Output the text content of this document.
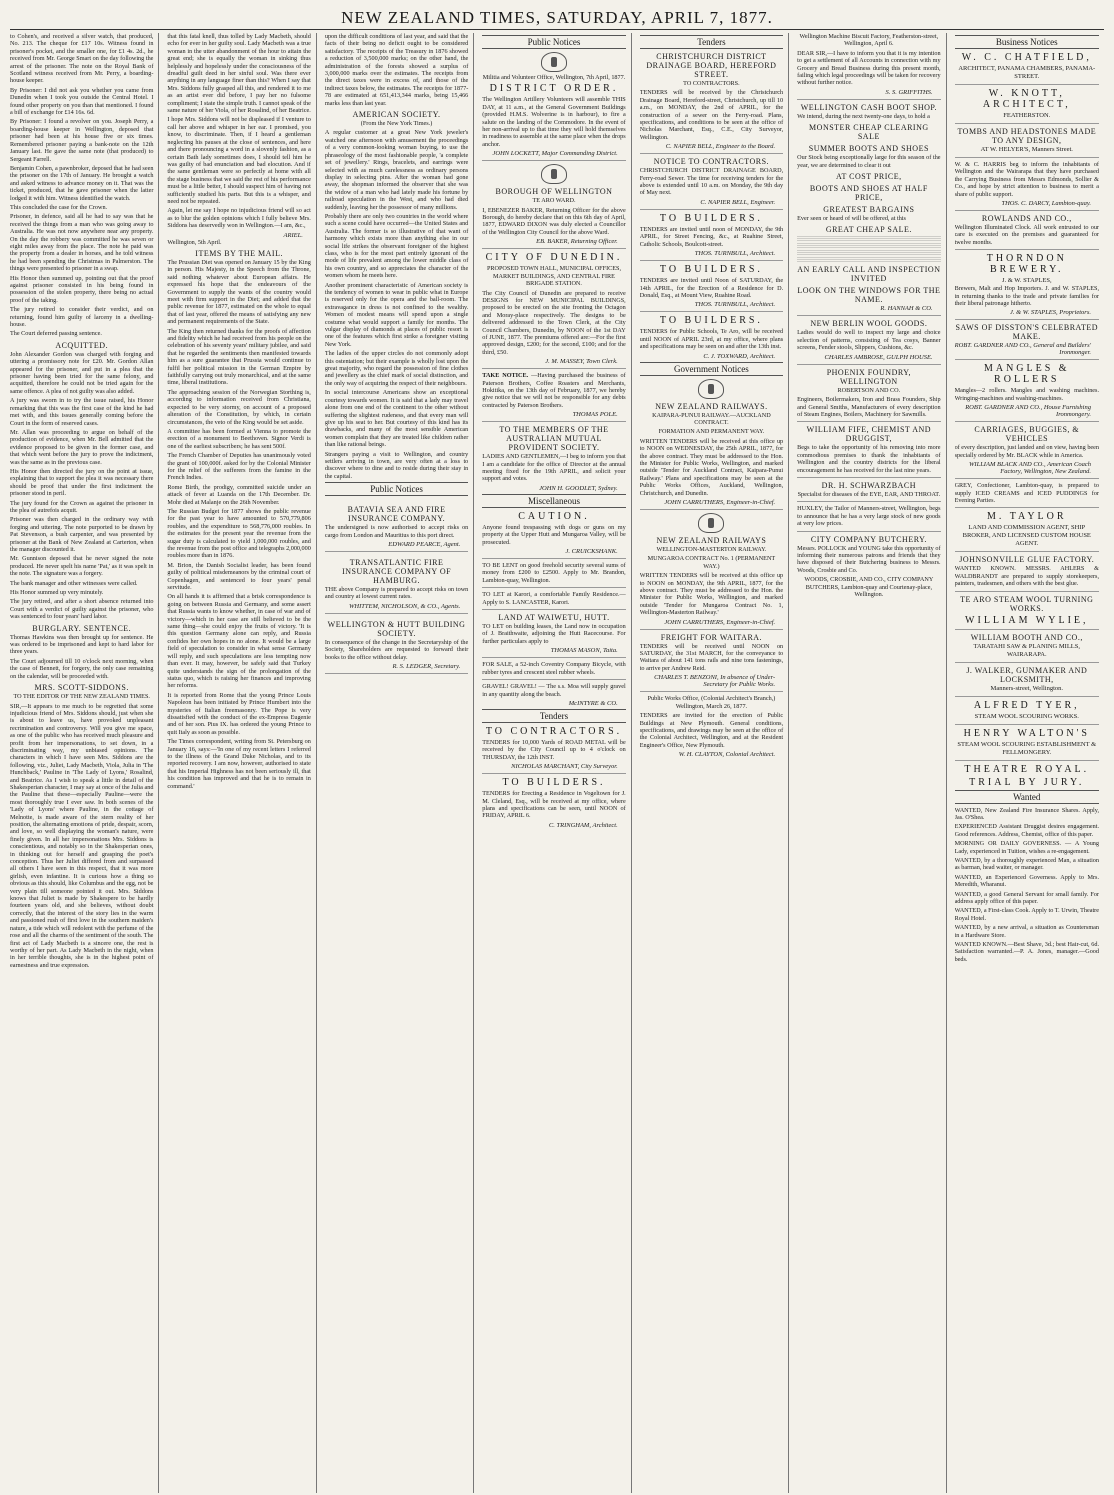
NEW ZEALAND TIMES, SATURDAY, APRIL 7, 1877.

to Cohen's, and received a silver watch, that produced, No. 213. The cheque for £17 10s. Witness found in prisoner's pocket, and the smaller one, for £1 4s. 2d., he received from Mr. George Smart on the day following the arrest of the prisoner. The note on the Royal Bank of Scotland witness received from Mr. Perry, a boarding-house keeper.

By Prisoner: I did not ask you whether you came from Dunedin when I took you outside the Central Hotel. I found other property on you than that mentioned. I found a bill of exchange for £14 16s. 6d.

By Prisoner: I found a revolver on you. Joseph Perry, a boarding-house keeper in Wellington, deposed that prisoner had been at his house five or six times. Remembered prisoner paying a bank-note on the 12th January last. He gave the same note (that produced) to Sergeant Farrell.

Benjamin Cohen, a pawnbroker, deposed that he had seen the prisoner on the 17th of January. He brought a watch and asked witness to advance money on it. That was the ticket, produced, that he gave prisoner when the latter lodged it with him. Witness identified the watch.

This concluded the case for the Crown.

Prisoner, in defence, said all he had to say was that he received the things from a man who was going away to Australia. He was not now anywhere near any property. On the day the robbery was committed he was seven or eight miles away from the place. The note he paid was the property from a dealer in horses, and he told witness he had been spending the Christmas in Palmerston. The things were presented to prisoner in a swap.

His Honor then summed up, pointing out that the proof against prisoner consisted in his being found in possession of the stolen property, there being no actual proof of the taking.

The jury retired to consider their verdict, and on returning, found him guilty of larceny in a dwelling-house.

The Court deferred passing sentence.

ACQUITTED.

John Alexander Gordon was charged with forging and uttering a promissory note for £20. Mr. Gordon Allan appeared for the prisoner, and put in a plea that the prisoner having been tried for the same felony, and acquitted, therefore he could not be tried again for the same offence. A plea of not guilty was also added.

A jury was sworn in to try the issue raised, his Honor remarking that this was the first case of the kind he had met with, and this issues generally coming before the Court in the form of reserved cases.

Mr. Allan was proceeding to argue on behalf of the production of evidence, when Mr. Bell admitted that the evidence proposed to be given in the former case, and that which went before the jury to prove the indictment, was the same as in the previous case.

His Honor then directed the jury on the point at issue, explaining that to support the plea it was necessary there should be proof that under the first indictment the prisoner stood in peril.

The jury found for the Crown as against the prisoner in the plea of autrefois acquit.

Prisoner was then charged in the ordinary way with forging and uttering. The note purported to be drawn by Pat Stevenson, a bush carpenter, and was presented by prisoner at the Bank of New Zealand at Carterton, when the manager discounted it.

Mr. Gunnison deposed that he never signed the note produced. He never spelt his name 'Pat,' as it was spelt in the note. The signature was a forgery.

The bank manager and other witnesses were called.

His Honor summed up very minutely.

The jury retired, and after a short absence returned into Court with a verdict of guilty against the prisoner, who was sentenced to four years' hard labor.

BURGLARY. SENTENCE.

Thomas Hawkins was then brought up for sentence. He was ordered to be imprisoned and kept to hard labor for three years.

The Court adjourned till 10 o'clock next morning, when the case of Bennett, for forgery, the only case remaining on the calendar, will be proceeded with.

MRS. SCOTT-SIDDONS.

TO THE EDITOR OF THE NEW ZEALAND TIMES.

SIR,—It appears to me much to be regretted that some injudicious friend of Mrs. Siddons should, just when she is about to leave us, have provoked unpleasant recrimination and controversy. Will you give me space, as one of the public who has received much pleasure and profit from her impersonations, to set down, in a discriminating way, my unbiased opinions. The characters in which I have seen Mrs. Siddons are the following, viz., Juliet, Lady Macbeth, Viola, Julia in 'The Hunchback,' Pauline in 'The Lady of Lyons,' Rosalind, and Beatrice. As I wish to speak a little in detail of the Shakesperian character, I may say at once of the Julia and the Pauline that these—especially Pauline—were the most thoroughly true I ever saw. In both scenes of the 'Lady of Lyons' where Pauline, in the cottage of Melnotte, is made aware of the stern reality of her position, the alternating emotions of pride, despair, scorn, and love, so well displaying the woman's nature, were finely given. In all her impersonations Mrs. Siddons is conscientious, and notably so in the Shakesperian ones, in thinking out for herself and grasping the poet's conception. Thus her Juliet differed from and surpassed all others I have seen in this respect, that it was more girlish, even infantine. It is curious how a thing so obvious as this should, like Columbus and the egg, not be very plain till someone pointed it out. Mrs. Siddons knows that Juliet is made by Shakespere to be hardly fourteen years old, and she believes, without doubt correctly, that the interest of the story lies in the warm and passioned rush of first love in the southern maiden's nature, a tide which will redolent with the perfume of the rose and all the charms of the sentiment of the south. The first act of Lady Macbeth is a sincere one, the rest is worthy of her part. As Lady Macbeth in the night, when in her terrible thoughts, she is in the highest point of earnestness and true expression.

that this fatal knell, thus tolled by Lady Macbeth, should echo for ever in her guilty soul. Lady Macbeth was a true woman in the utter abandonment of the hour to attain the great end; she is equally the woman in sinking thus helplessly and hopelessly under the consciousness of the dreadful guilt deed in her sinful soul. Was there ever anything in any language finer than this? When I say that Mrs. Siddons fully grasped all this, and rendered it to me as an artist ever did before, I pay her no fulsome compliment; I state the simple truth. I cannot speak of the same nature of her Viola, of her Rosalind, of her Beatrice.

I hope Mrs. Siddons will not be displeased if I venture to call her above and whisper in her ear. I promised, you know, to discriminate. Then, if I heard a gentleman neglecting his pauses at the close of sentences, and here and there pronouncing a word in a slovenly fashion, as a certain Bath lady sometimes does, I should tell him he was guilty of bad enunciation and bad elocution. And if the same gentleman were so perfectly at home with all the stage business that we said the rest of his performance must be a little better, I should suspect him of having not sufficiently studied his parts. But this is a whisper, and need not be repeated.

Again, let me say I hope no injudicious friend will so act as to blur the golden opinions which I fully believe Mrs. Siddons has deservedly won in Wellington.—I am, &c.,

ARIEL.

Wellington, 5th April.

ITEMS BY THE MAIL.

The Prussian Diet was opened on January 15 by the King in person. His Majesty, in the Speech from the Throne, said nothing whatever about European affairs. He expressed his hope that the endeavours of the Government to supply the wants of the country would meet with firm support in the Diet; and added that the public revenue for 1877, estimated on the whole to equal that of last year, offered the means of satisfying any new and permanent requirements of the State.

The King then returned thanks for the proofs of affection and fidelity which he had received from his people on the celebration of his seventy years' military jubilee, and said that he regarded the sentiments then manifested towards him as a sure guarantee that Prussia would continue to fulfil her political mission in the German Empire by faithfully carrying out truly monarchical, and at the same time, liberal institutions.

The approaching session of the Norwegian Storthing is, according to information received from Christiana, expected to be very stormy, on account of a proposed alteration of the Constitution, by which, in certain circumstances, the veto of the King would be set aside.

A committee has been formed at Vienna to promote the erection of a monument to Beethoven. Signor Verdi is one of the earliest subscribers; he has sent 500f.

The French Chamber of Deputies has unanimously voted the grant of 100,000f. asked for by the Colonial Minister for the relief of the sufferers from the famine in the French Indies.

Rome Birth, the prodigy, committed suicide under an attack of fever at Luanda on the 17th December. Dr. Mohr died at Malanje on the 26th November.

The Russian Budget for 1877 shows the public revenue for the past year to have amounted to 570,779,806 roubles, and the expenditure to 568,776,000 roubles. In the estimates for the present year the revenue from the sugar duty is calculated to yield 1,000,000 roubles, and the revenue from the post office and telegraphs 2,000,000 roubles more than in 1876.

M. Brion, the Danish Socialist leader, has been found guilty of political misdemeanors by the criminal court of Copenhagen, and sentenced to four years' penal servitude.

On all hands it is affirmed that a brisk correspondence is going on between Russia and Germany, and some assert that Russia wants to know whether, in case of war and of victory—which in her case are still believed to be the same thing—she could enjoy the fruits of victory. 'It is this question Germany alone can reply, and Russia confides her own hopes in no alone. It would be a large field of speculation to consider in what sense Germany will reply, and such speculations are less tempting now than ever. It may, however, be safely said that Turkey quite understands the sign of the prolongation of the status quo, which is raising her finances and improving her reforms.

It is reported from Rome that the young Prince Louis Napoleon has been initiated by Prince Humbert into the mysteries of Italian freemasonry. The Pope is very dissatisfied with the conduct of the ex-Empress Eugenie and of her son. Pius IX. has ordered the young Prince to quit Italy as soon as possible.

The Times correspondent, writing from St. Petersburg on January 16, says:—'In one of my recent letters I referred to the illness of the Grand Duke Nicholas, and to its reported recovery. I am now, however, authorised to state that his Imperial Highness has not been seriously ill, that his condition has improved and that he is to remain in command.'

upon the difficult conditions of last year, and said that the facts of their being no deficit ought to be considered satisfactory. The receipts of the Treasury in 1876 showed a reduction of 3,500,000 marks; on the other hand, the administration of the forests showed a surplus of 3,000,000 marks over the estimates. The receipts from the direct taxes were in excess of, and those of the indirect taxes below, the estimates. The receipts for 1877-78 are estimated at 651,413,344 marks, being 15,466 marks less than last year.

AMERICAN SOCIETY.

(From the New York Times.)

A regular customer at a great New York jeweler's watched one afternoon with amusement the proceedings of a very common-looking woman buying, to use the phraseology of the most fashionable people, 'a complete set of jewellery.' Rings, bracelets, and earrings were selected with as much carelessness as ordinary persons display in selecting pins. After the woman had gone away, the shopman informed the observer that she was the widow of a man who had lately made his fortune by railroad speculation in the West, and who had died suddenly, leaving her the possessor of many millions.

Probably there are only two countries in the world where such a scene could have occurred—the United States and Australia. The former is so illustrative of that want of harmony which exists more than anything else in our social life strikes the observant foreigner of the highest class, who is for the most part entirely ignorant of the mode of life prevalent among the lower middle class of his own country, and so appreciates the character of the women whom he meets here.

Another prominent characteristic of American society is the tendency of women to wear in public what in Europe is reserved only for the opera and the ball-room. The extravagance in dress is not confined to the wealthy. Women of modest means will spend upon a single costume what would support a family for months. The vulgar display of diamonds at places of public resort is one of the features which first strike a foreigner visiting New York.

The ladies of the upper circles do not commonly adopt this ostentation; but their example is wholly lost upon the great majority, who regard the possession of fine clothes and jewellery as the chief mark of social distinction, and the only way of acquiring the respect of their neighbours.

In social intercourse Americans show an exceptional courtesy towards women. It is said that a lady may travel alone from one end of the continent to the other without suffering the slightest rudeness, and that every man will give up his seat to her. But courtesy of this kind has its drawbacks, and many of the most sensible American women complain that they are treated like children rather than like rational beings.

Strangers paying a visit to Wellington, and country settlers arriving in town, are very often at a loss to discover where to dine and to reside during their stay in the capital.

Public Notices

BATAVIA SEA AND FIRE INSURANCE COMPANY.

The undersigned is now authorised to accept risks on cargo from London and Mauritius to this port direct.

EDWARD PEARCE, Agent.

TRANSATLANTIC FIRE INSURANCE COMPANY OF HAMBURG.

THE above Company is prepared to accept risks on town and country at lowest current rates.

WHITTEM, NICHOLSON, & CO., Agents.

WELLINGTON & HUTT BUILDING SOCIETY.

In consequence of the change in the Secretaryship of the Society, Shareholders are requested to forward their books to the office without delay.

R. S. LEDGER, Secretary.

Public Notices

Militia and Volunteer Office, Wellington, 7th April, 1877.

DISTRICT ORDER.

The Wellington Artillery Volunteers will assemble THIS DAY, at 11 a.m., at the General Government Buildings (provided H.M.S. Wolverine is in harbour), to fire a salute on the landing of the Commodore. In the event of her non-arrival up to that time they will hold themselves in readiness to assemble at the same place when the drops anchor.

JOHN LOCKETT, Major Commanding District.

BOROUGH OF WELLINGTON

TE ARO WARD.

I, EBENEZER BAKER, Returning Officer for the above Borough, do hereby declare that on this 6th day of April, 1877, EDWARD DIXON was duly elected a Councillor of the Wellington City Council for the above Ward.

EB. BAKER, Returning Officer.

CITY OF DUNEDIN.

PROPOSED TOWN HALL, MUNICIPAL OFFICES, MARKET BUILDINGS, AND CENTRAL FIRE BRIGADE STATION.

The City Council of Dunedin are prepared to receive DESIGNS for NEW MUNICIPAL BUILDINGS, proposed to be erected on the site fronting the Octagon and Moray-place respectively. The designs to be delivered addressed to the Town Clerk, at the City Council Chambers, Dunedin, by NOON of the 1st DAY of JUNE, 1877. The premiums offered are:—For the first approved design, £200; for the second, £100; and for the third, £50.

J. M. MASSEY, Town Clerk.

TAKE NOTICE. —Having purchased the business of Paterson Brothers, Coffee Roasters and Merchants, Hokitika, on the 13th day of February, 1877, we hereby give notice that we will not be responsible for any debts contracted by Paterson Brothers.

THOMAS POLE.

TO THE MEMBERS OF THE AUSTRALIAN MUTUAL PROVIDENT SOCIETY.

LADIES AND GENTLEMEN,—I beg to inform you that I am a candidate for the office of Director at the annual meeting fixed for the 19th APRIL, and solicit your support and votes.

JOHN H. GOODLET, Sydney.

Miscellaneous

CAUTION.

Anyone found trespassing with dogs or guns on my property at the Upper Hutt and Mungaroa Valley, will be prosecuted.

J. CRUICKSHANK.

TO BE LENT on good freehold security several sums of money from £200 to £2500. Apply to Mr. Brandon, Lambton-quay, Wellington.

TO LET at Karori, a comfortable Family Residence.—Apply to S. LANCASTER, Karori.

LAND AT WAIWETU, HUTT.

TO LET on building leases, the Land now in occupation of J. Braithwaite, adjoining the Hutt Racecourse. For further particulars apply to

THOMAS MASON, Taita.

FOR SALE, a 52-inch Coventry Company Bicycle, with rubber tyres and crescent steel rubber wheels.

GRAVEL! GRAVEL! — The s.s. Moa will supply gravel in any quantity along the beach.

McINTYRE & CO.

Tenders

TO CONTRACTORS.

TENDERS for 10,000 Yards of ROAD METAL will be received by the City Council up to 4 o'clock on THURSDAY, the 12th INST.

NICHOLAS MARCHANT, City Surveyor.

TO BUILDERS.

TENDERS for Erecting a Residence in Vogeltown for J. M. Cleland, Esq., will be received at my office, where plans and specifications can be seen, until NOON of FRIDAY, APRIL 6.

C. TRINGHAM, Architect.

Tenders

CHRISTCHURCH DISTRICT DRAINAGE BOARD, HEREFORD STREET.

TO CONTRACTORS.

TENDERS will be received by the Christchurch Drainage Board, Hereford-street, Christchurch, up till 10 a.m., on MONDAY, the 2nd of APRIL, for the construction of a sewer on the Ferry-road. Plans, specifications, and conditions to be seen at the office of Nicholas Marchant, Esq., C.E., City Surveyor, Wellington.

C. NAPIER BELL, Engineer to the Board.

NOTICE TO CONTRACTORS.

CHRISTCHURCH DISTRICT DRAINAGE BOARD, Ferry-road Sewer. The time for receiving tenders for the above is extended until 10 a.m. on Monday, the 9th day of May next.

C. NAPIER BELL, Engineer.

TO BUILDERS.

TENDERS are invited until noon of MONDAY, the 9th APRIL, for Street Fencing, &c., at Ruahine Street, Catholic Schools, Boulcott-street.

THOS. TURNBULL, Architect.

TO BUILDERS.

TENDERS are invited until Noon of SATURDAY, the 14th APRIL, for the Erection of a Residence for D. Donald, Esq., at Mount View, Ruahine Road.

THOS. TURNBULL, Architect.

TO BUILDERS.

TENDERS for Public Schools, Te Aro, will be received until NOON of APRIL 23rd, at my office, where plans and specifications may be seen on and after the 13th inst.

C. J. TOXWARD, Architect.

Government Notices

NEW ZEALAND RAILWAYS.

KAIPARA-PUNUI RAILWAY.—AUCKLAND CONTRACT.

FORMATION AND PERMANENT WAY.

WRITTEN TENDERS will be received at this office up to NOON on WEDNESDAY, the 25th APRIL, 1877, for the above contract. They must be addressed to the Hon. the Minister for Public Works, Wellington, and marked outside 'Tender for Auckland Contract, Kaipara-Punui Railway.' Plans and specifications may be seen at the Public Works Offices, Auckland, Wellington, Christchurch, and Dunedin.

JOHN CARRUTHERS, Engineer-in-Chief.

NEW ZEALAND RAILWAYS

WELLINGTON-MASTERTON RAILWAY.

MUNGAROA CONTRACT No. 1 (PERMANENT WAY.)

WRITTEN TENDERS will be received at this office up to NOON on MONDAY, the 9th APRIL, 1877, for the above contract. They must be addressed to the Hon. the Minister for Public Works, Wellington, and marked outside 'Tender for Mungaroa Contract No. 1, Wellington-Masterton Railway.'

JOHN CARRUTHERS, Engineer-in-Chief.

FREIGHT FOR WAITARA.

TENDERS will be received until NOON on SATURDAY, the 31st MARCH, for the conveyance to Waitara of about 141 tons rails and nine tons fastenings, to arrive per Andrew Reid.

CHARLES T. BENZONI, In absence of Under-Secretary for Public Works.

Public Works Office, (Colonial Architect's Branch,) Wellington, March 26, 1877.

TENDERS are invited for the erection of Public Buildings at New Plymouth. General conditions, specifications, and drawings may be seen at the office of the Colonial Architect, Wellington, and at the Resident Engineer's Office, New Plymouth.

W. H. CLAYTON, Colonial Architect.

Wellington Machine Biscuit Factory, Featherston-street, Wellington, April 6.

DEAR SIR,—I have to inform you that it is my intention to get a settlement of all Accounts in connection with my Grocery and Bread Business during this present month, failing which legal proceedings will be taken for recovery without further notice.

S. S. GRIFFITHS.

WELLINGTON CASH BOOT SHOP.

We intend, during the next twenty-one days, to hold a

MONSTER CHEAP CLEARING SALE

SUMMER BOOTS AND SHOES

Our Stock being exceptionally large for this season of the year, we are determined to clear it out

AT COST PRICE,

BOOTS AND SHOES AT HALF PRICE,

GREATEST BARGAINS

Ever seen or heard of will be offered, at this

GREAT CHEAP SALE.

AN EARLY CALL AND INSPECTION INVITED

LOOK ON THE WINDOWS FOR THE NAME.

R. HANNAH & CO.

NEW BERLIN WOOL GOODS.

Ladies would do well to inspect my large and choice selection of patterns, consisting of Tea cosys, Banner screens, Fender stools, Slippers, Cushions, &c.

CHARLES AMBROSE, GULPH HOUSE.

PHOENIX FOUNDRY, WELLINGTON

ROBERTSON AND CO.

Engineers, Boilermakers, Iron and Brass Founders, Ship and General Smiths, Manufacturers of every description of Steam Engines, Boilers, Machinery for Sawmills.

WILLIAM FIFE, CHEMIST AND DRUGGIST,

Begs to take the opportunity of his removing into more commodious premises to thank the inhabitants of Wellington and the country districts for the liberal encouragement he has received for the last nine years.

DR. H. SCHWARZBACH

Specialist for diseases of the EYE, EAR, AND THROAT.

HUXLEY, the Tailor of Manners-street, Wellington, begs to announce that he has a very large stock of new goods at very low prices.

CITY COMPANY BUTCHERY.

Messrs. POLLOCK and YOUNG take this opportunity of informing their numerous patrons and friends that they have disposed of their Butchering business to Messrs. Woods, Crosbie and Co.

WOODS, CROSBIE, AND CO., CITY COMPANY BUTCHERS, Lambton-quay and Courtenay-place, Wellington.

Business Notices

W. C. CHATFIELD,

ARCHITECT, PANAMA CHAMBERS, PANAMA-STREET.

W. KNOTT, ARCHITECT,

FEATHERSTON.

TOMBS AND HEADSTONES MADE TO ANY DESIGN,

AT W. HELYER'S, Manners Street.

W. & C. HARRIS beg to inform the inhabitants of Wellington and the Wairarapa that they have purchased the Carrying Business from Messrs Edmonds, Sollier & Co., and hope by strict attention to business to merit a share of public support.

THOS. C. DARCY, Lambton-quay.

ROWLANDS AND CO.,

Wellington Illuminated Clock. All work entrusted to our care is executed on the premises and guaranteed for twelve months.

THORNDON BREWERY.

J. & W. STAPLES,

Brewers, Malt and Hop Importers. J. and W. STAPLES, in returning thanks to the trade and private families for their liberal patronage hitherto.

J. & W. STAPLES, Proprietors.

SAWS OF DISSTON'S CELEBRATED MAKE.

ROBT. GARDNER AND CO., General and Builders' Ironmonger.

MANGLES & ROLLERS

Mangles—2 rollers. Mangles and washing machines. Wringing-machines and washing-machines.

ROBT. GARDNER AND CO., House Furnishing Ironmongery.

CARRIAGES, BUGGIES, & VEHICLES

of every description, just landed and on view, having been specially ordered by Mr. BLACK while in America.

WILLIAM BLACK AND CO., American Coach Factory, Wellington, New Zealand.

GREY, Confectioner, Lambton-quay, is prepared to supply ICED CREAMS and ICED PUDDINGS for Evening Parties.

M. TAYLOR

LAND AND COMMISSION AGENT, SHIP BROKER, AND LICENSED CUSTOM HOUSE AGENT.

JOHNSONVILLE GLUE FACTORY.

WANTED KNOWN. MESSRS. AHLERS & WALDBRANDT are prepared to supply storekeepers, painters, tradesmen, and others with the best glue.

TE ARO STEAM WOOL TURNING WORKS.

WILLIAM WYLIE,

WILLIAM BOOTH AND CO.,

TARATAHI SAW & PLANING MILLS, WAIRARAPA.

J. WALKER, GUNMAKER AND LOCKSMITH,

Manners-street, Wellington.

ALFRED TYER,

STEAM WOOL SCOURING WORKS.

HENRY WALTON'S

STEAM WOOL SCOURING ESTABLISHMENT & FELLMONGERY.

THEATRE ROYAL.

TRIAL BY JURY.

Wanted

WANTED, New Zealand Fire Insurance Shares. Apply, Jas. O'Shea.

EXPERIENCED Assistant Druggist desires engagement. Good references. Address, Chemist, office of this paper.

MORNING OR DAILY GOVERNESS. — A Young Lady, experienced in Tuition, wishes a re-engagement.

WANTED, by a thoroughly experienced Man, a situation as barman, head waiter, or manager.

WANTED, an Experienced Governess. Apply to Mrs. Meredith, Wharanui.

WANTED, a good General Servant for small family. For address apply office of this paper.

WANTED, a First-class Cook. Apply to T. Urwin, Theatre Royal Hotel.

WANTED, by a new arrival, a situation as Countersman in a Hardware Store.

WANTED KNOWN.—Best Shave, 3d.; best Hair-cut, 6d. Satisfaction warranted.—P. A. Jones, manager.—Good beds.
